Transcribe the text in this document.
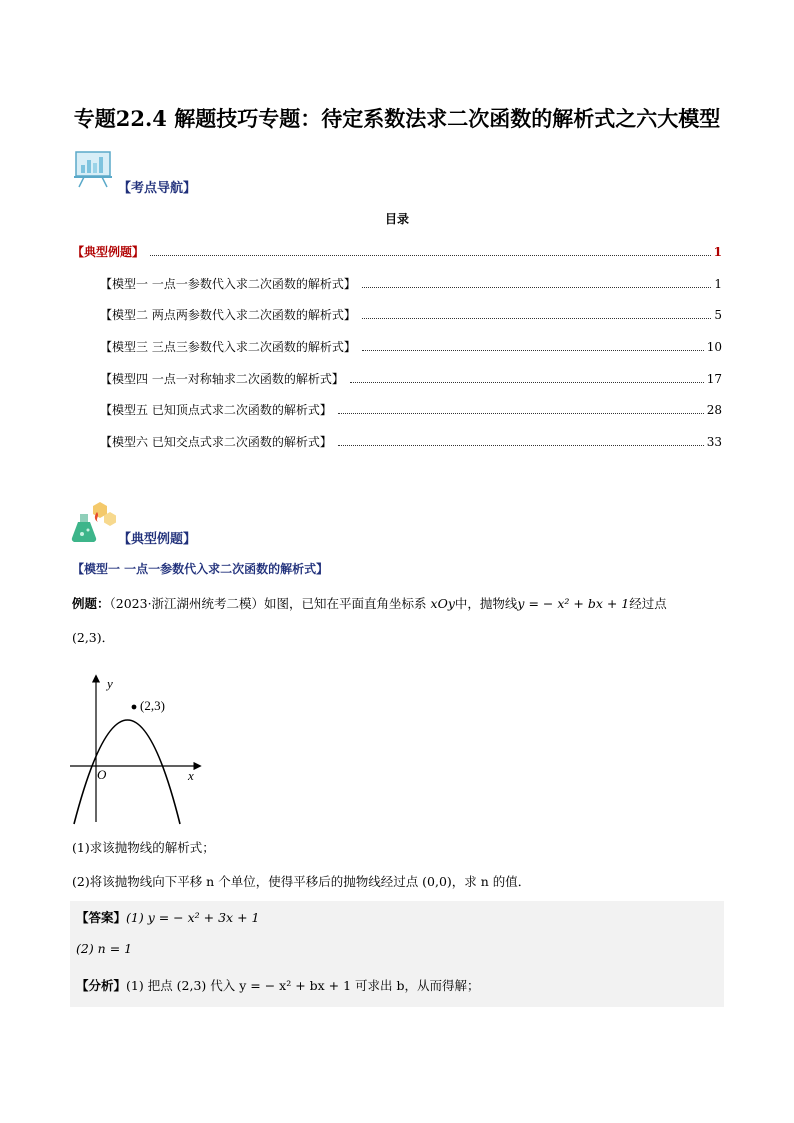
专题22.4 解题技巧专题：待定系数法求二次函数的解析式之六大模型
【考点导航】
目录
【典型例题】	1
【模型一 一点一参数代入求二次函数的解析式】	1
【模型二 两点两参数代入求二次函数的解析式】	5
【模型三 三点三参数代入求二次函数的解析式】	10
【模型四 一点一对称轴求二次函数的解析式】	17
【模型五 已知顶点式求二次函数的解析式】	28
【模型六 已知交点式求二次函数的解析式】	33
【典型例题】
【模型一 一点一参数代入求二次函数的解析式】
例题：（2023·浙江湖州统考二模）如图，已知在平面直角坐标系 xOy中，抛物线y = − x² + bx + 1经过点
(2,3)．
(2,3)
x
y
O
(1)求该抛物线的解析式；
(2)将该抛物线向下平移 n 个单位，使得平移后的抛物线经过点 (0,0)，求 n 的值．
【答案】(1) y = − x² + 3x + 1
(2) n = 1
【分析】(1) 把点 (2,3) 代入 y = − x² + bx + 1 可求出 b，从而得解；
